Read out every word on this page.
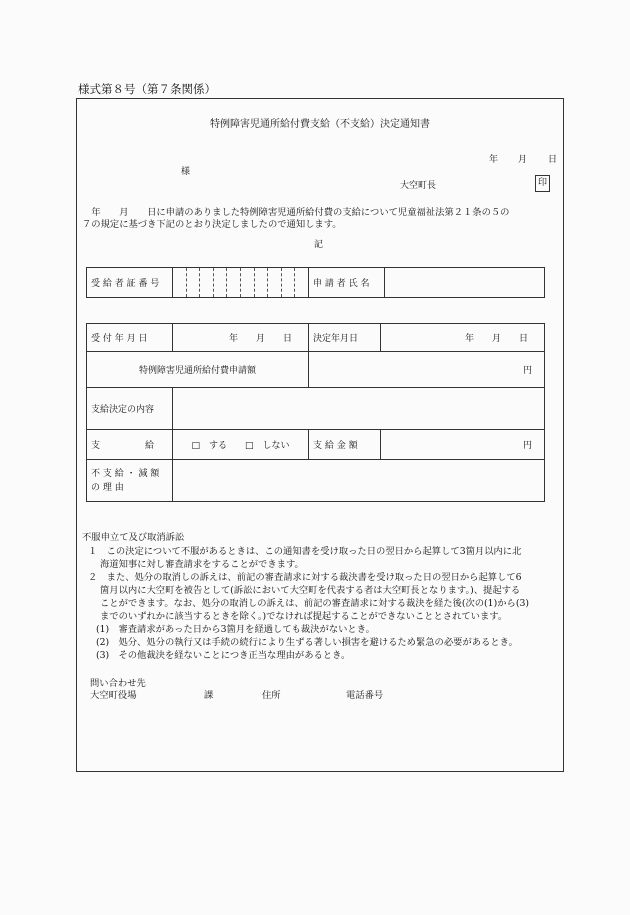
様式第８号（第７条関係）
特例障害児通所給付費支給（不支給）決定通知書
年 月 日
様
大空町長	印
　年　　月　　日に申請のありました特例障害児通所給付費の支給について児童福祉法第２１条の５の
７の規定に基づき下記のとおり決定しましたので通知します。
記
受 給 者 証 番 号		申 請 者 氏 名	
受 付 年 月 日	年　　月　　日	決定年月日	年　　月　　日
特例障害児通所給付費申請額		円	
支給決定の内容			
支　　　　　給	□　する　　□　しない	支 給 金 額	円

不 支 給 ・ 減 額
の 理 由			

不服申立て及び取消訴訟
１　この決定について不服があるときは、この通知書を受け取った日の翌日から起算して3箇月以内に北
海道知事に対し審査請求をすることができます。
２　また、処分の取消しの訴えは、前記の審査請求に対する裁決書を受け取った日の翌日から起算して6
箇月以内に大空町を被告として(訴訟において大空町を代表する者は大空町長となります。)、提起する
ことができます。なお、処分の取消しの訴えは、前記の審査請求に対する裁決を経た後(次の(1)から(3)
までのいずれかに該当するときを除く。)でなければ提起することができないこととされています。
(1)　審査請求があった日から3箇月を経過しても裁決がないとき。
(2)　処分、処分の執行又は手続の続行により生ずる著しい損害を避けるため緊急の必要があるとき。
(3)　その他裁決を経ないことにつき正当な理由があるとき。
問い合わせ先
大空町役場	課	住所	電話番号
